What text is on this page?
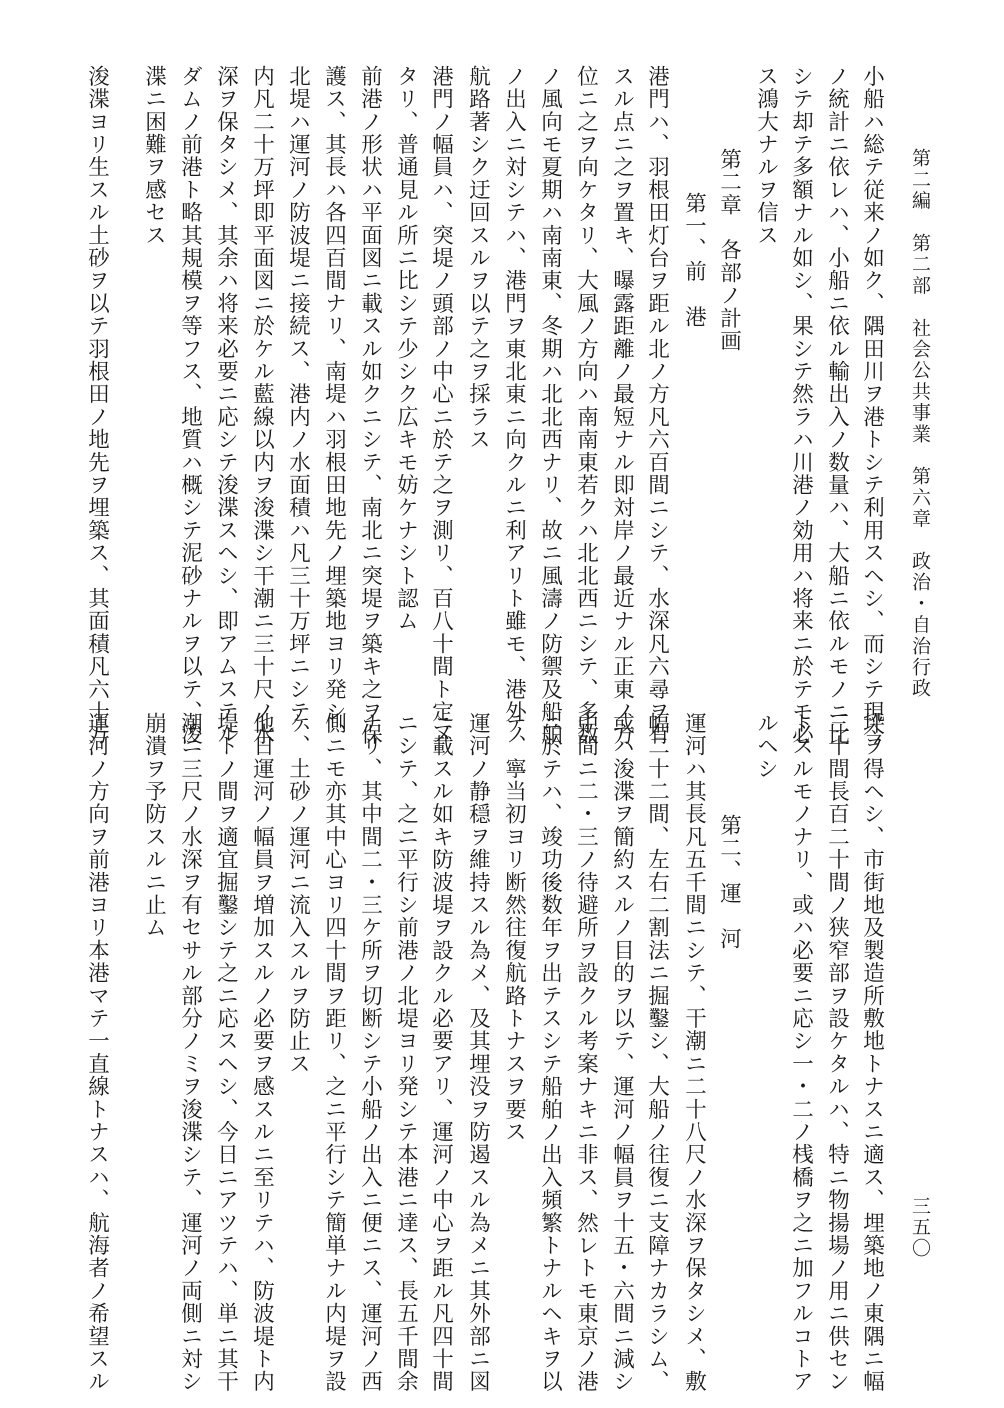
第二編　第二部　社会公共事業　第六章　政治・自治行政
三五〇
小船ハ総テ従来ノ如ク、隅田川ヲ港トシテ利用スヘシ、而シテ現今
ノ統計ニ依レハ、小船ニ依ル輸出入ノ数量ハ、大船ニ依ルモノニ比
シテ却テ多額ナル如シ、果シテ然ラハ川港ノ効用ハ将来ニ於テモ必
ス鴻大ナルヲ信ス
第二章　各部ノ計画
第一、前　港
港門ハ、羽根田灯台ヲ距ル北ノ方凡六百間ニシテ、水深凡六尋ヲ有
スル点ニ之ヲ置キ、曝露距離ノ最短ナル即対岸ノ最近ナル正東ノ方
位ニ之ヲ向ケタリ、大風ノ方向ハ南南東若クハ北北西ニシテ、多数
ノ風向モ夏期ハ南南東、冬期ハ北北西ナリ、故ニ風濤ノ防禦及船舶
ノ出入ニ対シテハ、港門ヲ東北東ニ向クルニ利アリト雖モ、港外ノ
航路著シク迂回スルヲ以テ之ヲ採ラス
港門ノ幅員ハ、突堤ノ頭部ノ中心ニ於テ之ヲ測リ、百八十間ト定メ
タリ、普通見ル所ニ比シテ少シク広キモ妨ケナシト認ム
前港ノ形状ハ平面図ニ載スル如クニシテ、南北ニ突堤ヲ築キ之ヲ保
護ス、其長ハ各四百間ナリ、南堤ハ羽根田地先ノ埋築地ヨリ発シ、
北堤ハ運河ノ防波堤ニ接続ス、港内ノ水面積ハ凡三十万坪ニシテ、
内凡二十万坪即平面図ニ於ケル藍線以内ヲ浚渫シ干潮ニ三十尺ノ水
深ヲ保タシメ、其余ハ将来必要ニ応シテ浚渫スヘシ、即アムステル
ダムノ前港ト略其規模ヲ等フス、地質ハ概シテ泥砂ナルヲ以テ、浚
渫ニ困難ヲ感セス
浚渫ヨリ生スル土砂ヲ以テ羽根田ノ地先ヲ埋築ス、其面積凡六十万
坪ヲ得ヘシ、市街地及製造所敷地トナスニ適ス、埋築地ノ東隅ニ幅
三十間長百二十間ノ狭窄部ヲ設ケタルハ、特ニ物揚場ノ用ニ供セン
トスルモノナリ、或ハ必要ニ応シ一・二ノ桟橋ヲ之ニ加フルコトア
ルヘシ
第二、運　河
運河ハ其長凡五千間ニシテ、干潮ニ二十八尺ノ水深ヲ保タシメ、敷
幅二十二間、左右二割法ニ掘鑿シ、大船ノ往復ニ支障ナカラシム、
或ハ浚渫ヲ簡約スルノ目的ヲ以テ、運河ノ幅員ヲ十五・六間ニ減シ
中間ニ二・三ノ待避所ヲ設クル考案ナキニ非ス、然レトモ東京ノ港
ニ於テハ、竣功後数年ヲ出テスシテ船舶ノ出入頻繁トナルヘキヲ以
テ、寧当初ヨリ断然往復航路トナスヲ要ス
運河ノ静穏ヲ維持スル為メ、及其埋没ヲ防遏スル為メニ其外部ニ図
ニ載スル如キ防波堤ヲ設クル必要アリ、運河ノ中心ヲ距ル凡四十間
ニシテ、之ニ平行シ前港ノ北堤ヨリ発シテ本港ニ達ス、長五千間余
ナリ、其中間二・三ケ所ヲ切断シテ小船ノ出入ニ便ニス、運河ノ西
側ニモ亦其中心ヨリ四十間ヲ距リ、之ニ平行シテ簡単ナル内堤ヲ設
ケ、土砂ノ運河ニ流入スルヲ防止ス
他日運河ノ幅員ヲ増加スルノ必要ヲ感スルニ至リテハ、防波堤ト内
堤トノ間ヲ適宜掘鑿シテ之ニ応スヘシ、今日ニアツテハ、単ニ其干
潮ニ三尺ノ水深ヲ有セサル部分ノミヲ浚渫シテ、運河ノ両側ニ対シ
崩潰ヲ予防スルニ止ム
運河ノ方向ヲ前港ヨリ本港マテ一直線トナスハ、航海者ノ希望スル
